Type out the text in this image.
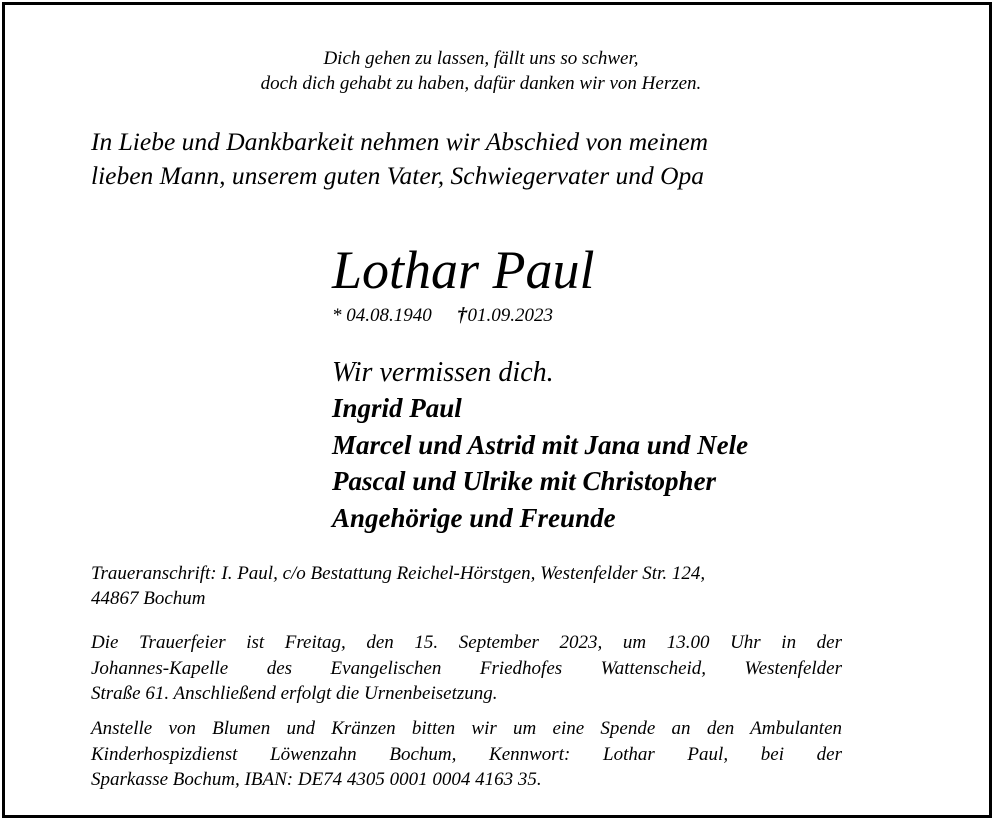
Dich gehen zu lassen, fällt uns so schwer,
doch dich gehabt zu haben, dafür danken wir von Herzen.
In Liebe und Dankbarkeit nehmen wir Abschied von meinem
lieben Mann, unserem guten Vater, Schwiegervater und Opa
Lothar Paul
* 04.08.1940 †01.09.2023
Wir vermissen dich.
Ingrid Paul
Marcel und Astrid mit Jana und Nele
Pascal und Ulrike mit Christopher
Angehörige und Freunde
Traueranschrift: I. Paul, c/o Bestattung Reichel-Hörstgen, Westenfelder Str. 124,
44867 Bochum
Die Trauerfeier ist Freitag, den 15. September 2023, um 13.00 Uhr in der
Johannes-Kapelle des Evangelischen Friedhofes Wattenscheid, Westenfelder
Straße 61. Anschließend erfolgt die Urnenbeisetzung.
Anstelle von Blumen und Kränzen bitten wir um eine Spende an den Ambulanten
Kinderhospizdienst Löwenzahn Bochum, Kennwort: Lothar Paul, bei der
Sparkasse Bochum, IBAN: DE74 4305 0001 0004 4163 35.
